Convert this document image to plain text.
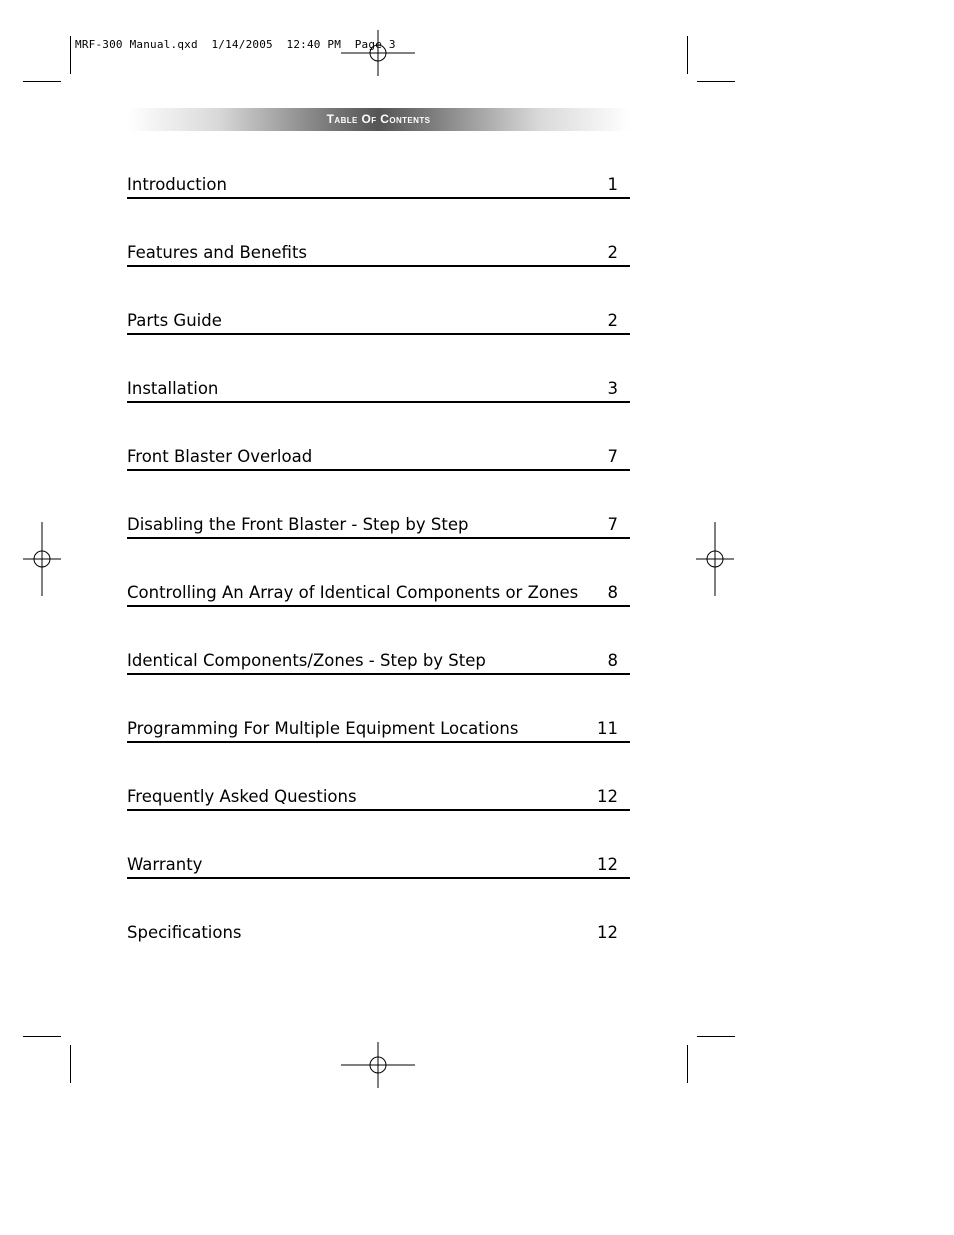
MRF-300 Manual.qxd  1/14/2005  12:40 PM  Page 3
Table Of Contents
Introduction	1
Features and Benefits	2
Parts Guide	2
Installation	3
Front Blaster Overload	7
Disabling the Front Blaster - Step by Step	7
Controlling An Array of Identical Components or Zones 8
Identical Components/Zones - Step by Step	8
Programming For Multiple Equipment Locations	11
Frequently Asked Questions	12
Warranty	12
Specifications	12
